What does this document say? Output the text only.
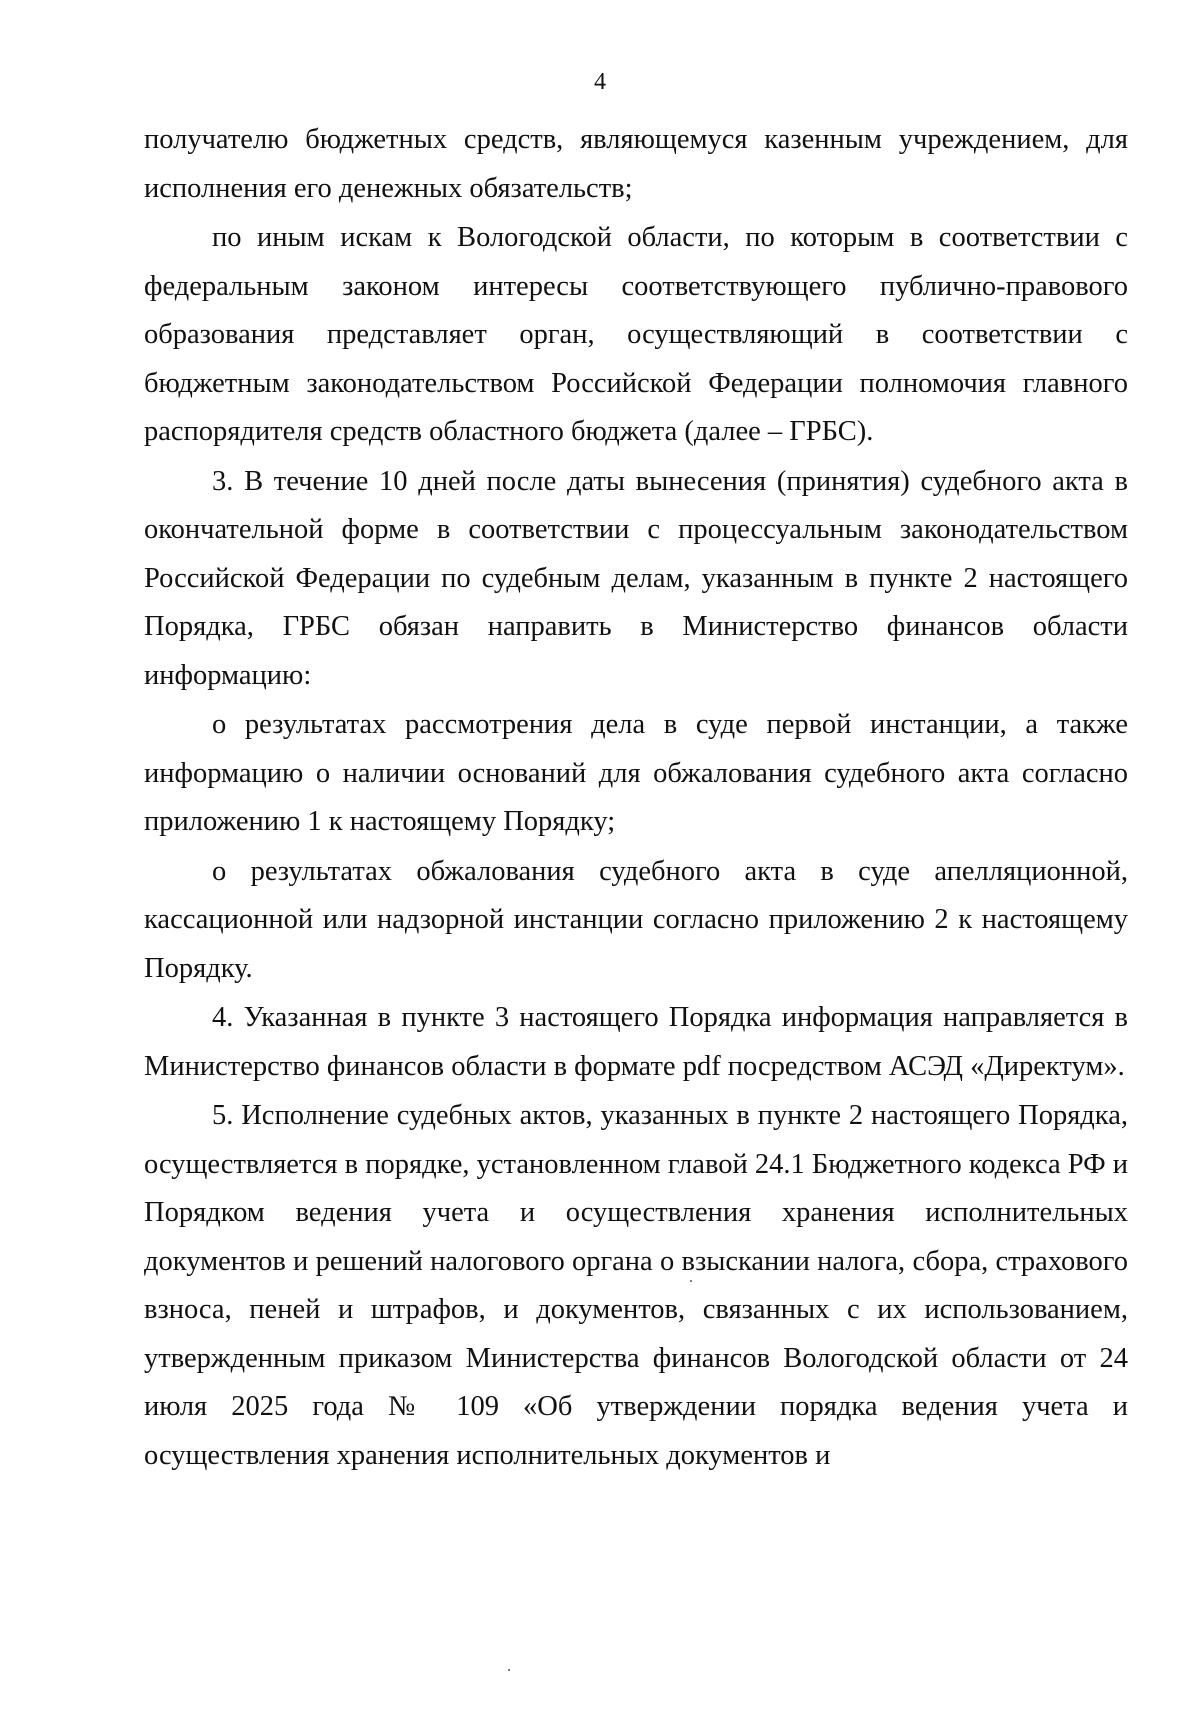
4

получателю бюджетных средств, являющемуся казенным учреждением, для исполнения его денежных обязательств;

по иным искам к Вологодской области, по которым в соответствии с федеральным законом интересы соответствующего публично-правового образования представляет орган, осуществляющий в соответствии с бюджетным законодательством Российской Федерации полномочия главного распорядителя средств областного бюджета (далее – ГРБС).

3. В течение 10 дней после даты вынесения (принятия) судебного акта в окончательной форме в соответствии с процессуальным законодательством Российской Федерации по судебным делам, указанным в пункте 2 настоящего Порядка, ГРБС обязан направить в Министерство финансов области информацию:

о результатах рассмотрения дела в суде первой инстанции, а также информацию о наличии оснований для обжалования судебного акта согласно приложению 1 к настоящему Порядку;

о результатах обжалования судебного акта в суде апелляционной, кассационной или надзорной инстанции согласно приложению 2 к настоящему Порядку.

4. Указанная в пункте 3 настоящего Порядка информация направляется в Министерство финансов области в формате pdf посредством АСЭД «Директум».

5. Исполнение судебных актов, указанных в пункте 2 настоящего Порядка, осуществляется в порядке, установленном главой 24.1 Бюджетного кодекса РФ и Порядком ведения учета и осуществления хранения исполнительных документов и решений налогового органа о взыскании налога, сбора, страхового взноса, пеней и штрафов, и документов, связанных с их использованием, утвержденным приказом Министерства финансов Вологодской области от 24 июля 2025 года № 109 «Об утверждении порядка ведения учета и осуществления хранения исполнительных документов и
